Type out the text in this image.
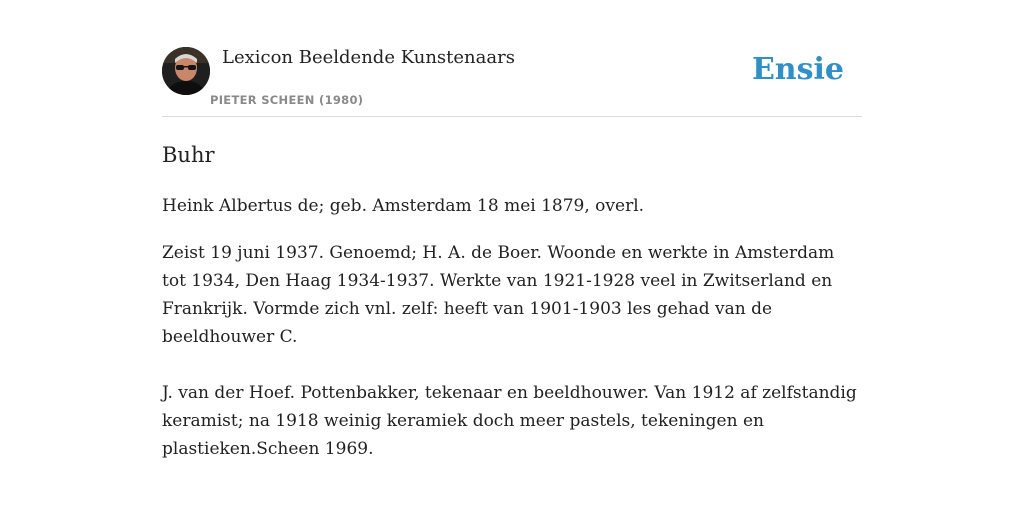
Lexicon Beeldende Kunstenaars
PIETER SCHEEN (1980)
Ensie
Buhr

Heink Albertus de; geb. Amsterdam 18 mei 1879, overl.

Zeist 19 juni 1937. Genoemd; H. A. de Boer. Woonde en werkte in Amsterdam tot 1934, Den Haag 1934-1937. Werkte van 1921-1928 veel in Zwitserland en Frankrijk. Vormde zich vnl. zelf: heeft van 1901-1903 les gehad van de beeldhouwer C.

J. van der Hoef. Pottenbakker, tekenaar en beeldhouwer. Van 1912 af zelfstandig keramist; na 1918 weinig keramiek doch meer pastels, tekeningen en plastieken.Scheen 1969.
